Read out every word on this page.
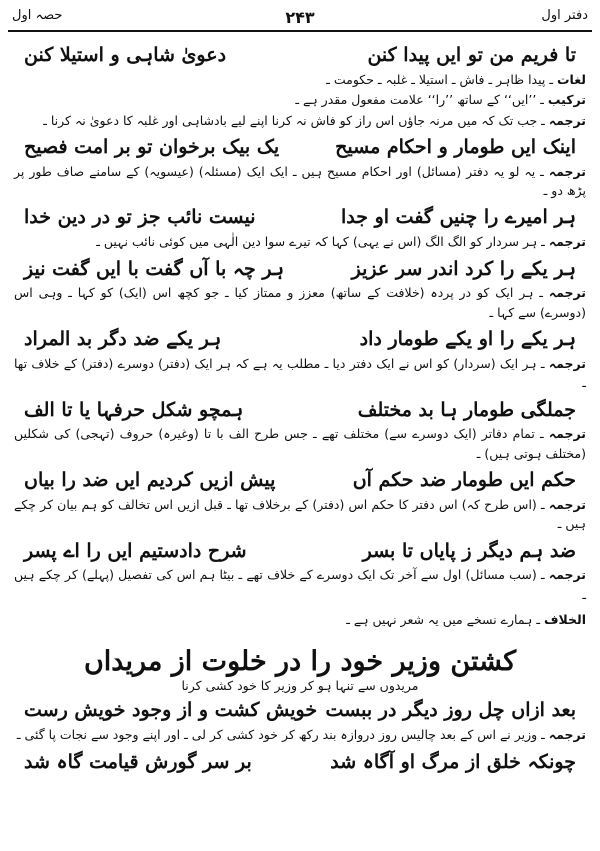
دفتر اول
۲۴۳
حصہ اول
تا فریم من تو ایں پیدا کنن
دعویٰ شاہی و استیلا کنن
لغات ـ پیدا ظاہر ـ فاش ـ استیلا ـ غلبہ ـ حکومت ـ
ترکیب ـ ’’ایں‘‘ کے ساتھ ’’را‘‘ علامت مفعول مقدر ہے ـ
ترجمہ ـ جب تک کہ میں مرنہ جاؤں اس راز کو فاش نہ کرنا اپنے لیے بادشاہی اور غلبہ کا دعویٰ نہ کرنا ـ
اینک ایں طومار و احکام مسیح
یک بیک برخوان تو بر امت فصیح
ترجمہ ـ یہ لو یہ دفتر (مسائل) اور احکام مسیح ہیں ـ ایک ایک (مسئلہ) (عیسویہ) کے سامنے صاف طور پر پڑھ دو ـ
ہر امیرے را چنیں گفت او جدا
نیست نائب جز تو در دین خدا
ترجمہ ـ ہر سردار کو الگ الگ (اس نے یہی) کہا کہ تیرے سوا دین الٰہی میں کوئی نائب نہیں ـ
ہر یکے را کرد اندر سر عزیز
ہر چہ با آں گفت با ایں گفت نیز
ترجمہ ـ ہر ایک کو در پردہ (خلافت کے ساتھ) معزز و ممتاز کیا ـ جو کچھ اس (ایک) کو کہا ـ وہی اس (دوسرے) سے کہا ـ
ہر یکے را او یکے طومار داد
ہر یکے ضد دگر بد المراد
ترجمہ ـ ہر ایک (سردار) کو اس نے ایک دفتر دیا ـ مطلب یہ ہے کہ ہر ایک (دفتر) دوسرے (دفتر) کے خلاف تھا ـ
جملگی طومار ہا بد مختلف
ہمچو شکل حرفہا یا تا الف
ترجمہ ـ تمام دفاتر (ایک دوسرے سے) مختلف تھے ـ جس طرح الف با تا (وغیرہ) حروف (تہجی) کی شکلیں (مختلف ہوتی ہیں) ـ
حکم ایں طومار ضد حکم آں
پیش ازیں کردیم ایں ضد را بیاں
ترجمہ ـ (اس طرح کہ) اس دفتر کا حکم اس (دفتر) کے برخلاف تھا ـ قبل ازیں اس تخالف کو ہم بیان کر چکے ہیں ـ
ضد ہم دیگر ز پایاں تا بسر
شرح دادستیم ایں را اے پسر
ترجمہ ـ (سب مسائل) اول سے آخر تک ایک دوسرے کے خلاف تھے ـ بیٹا ہم اس کی تفصیل (پہلے) کر چکے ہیں ـ
الخلاف ـ ہمارے نسخے میں یہ شعر نہیں ہے ـ
کشتن وزیر خود را در خلوت از مریداں
مریدوں سے تنہا ہو کر وزیر کا خود کشی کرنا
بعد ازاں چل روز دیگر در ببست
خویش کشت و از وجود خویش رست
ترجمہ ـ وزیر نے اس کے بعد چالیس روز دروازہ بند رکھ کر خود کشی کر لی ـ اور اپنے وجود سے نجات پا گئی ـ
چونکہ خلق از مرگ او آگاہ شد
بر سر گورش قیامت گاہ شد
